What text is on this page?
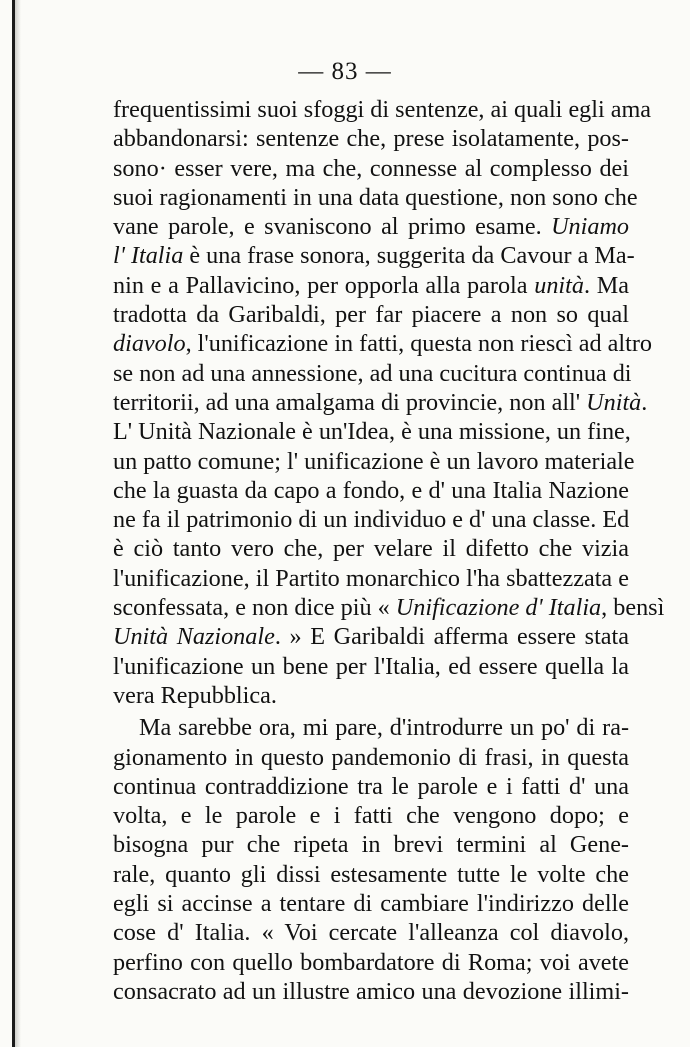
— 83 —
frequentissimi suoi sfoggi di sentenze, ai quali egli ama
abbandonarsi: sentenze che, prese isolatamente, pos-
sono· esser vere, ma che, connesse al complesso dei
suoi ragionamenti in una data questione, non sono che
vane parole, e svaniscono al primo esame. Uniamo
l' Italia è una frase sonora, suggerita da Cavour a Ma-
nin e a Pallavicino, per opporla alla parola unità. Ma
tradotta da Garibaldi, per far piacere a non so qual
diavolo, l'unificazione in fatti, questa non riescì ad altro
se non ad una annessione, ad una cucitura continua di
territorii, ad una amalgama di provincie, non all' Unità.
L' Unità Nazionale è un'Idea, è una missione, un fine,
un patto comune; l' unificazione è un lavoro materiale
che la guasta da capo a fondo, e d' una Italia Nazione
ne fa il patrimonio di un individuo e d' una classe. Ed
è ciò tanto vero che, per velare il difetto che vizia
l'unificazione, il Partito monarchico l'ha sbattezzata e
sconfessata, e non dice più « Unificazione d' Italia, bensì
Unità Nazionale. » E Garibaldi afferma essere stata
l'unificazione un bene per l'Italia, ed essere quella la
vera Repubblica.
Ma sarebbe ora, mi pare, d'introdurre un po' di ra-
gionamento in questo pandemonio di frasi, in questa
continua contraddizione tra le parole e i fatti d' una
volta, e le parole e i fatti che vengono dopo; e
bisogna pur che ripeta in brevi termini al Gene-
rale, quanto gli dissi estesamente tutte le volte che
egli si accinse a tentare di cambiare l'indirizzo delle
cose d' Italia. « Voi cercate l'alleanza col diavolo,
perfino con quello bombardatore di Roma; voi avete
consacrato ad un illustre amico una devozione illimi-
